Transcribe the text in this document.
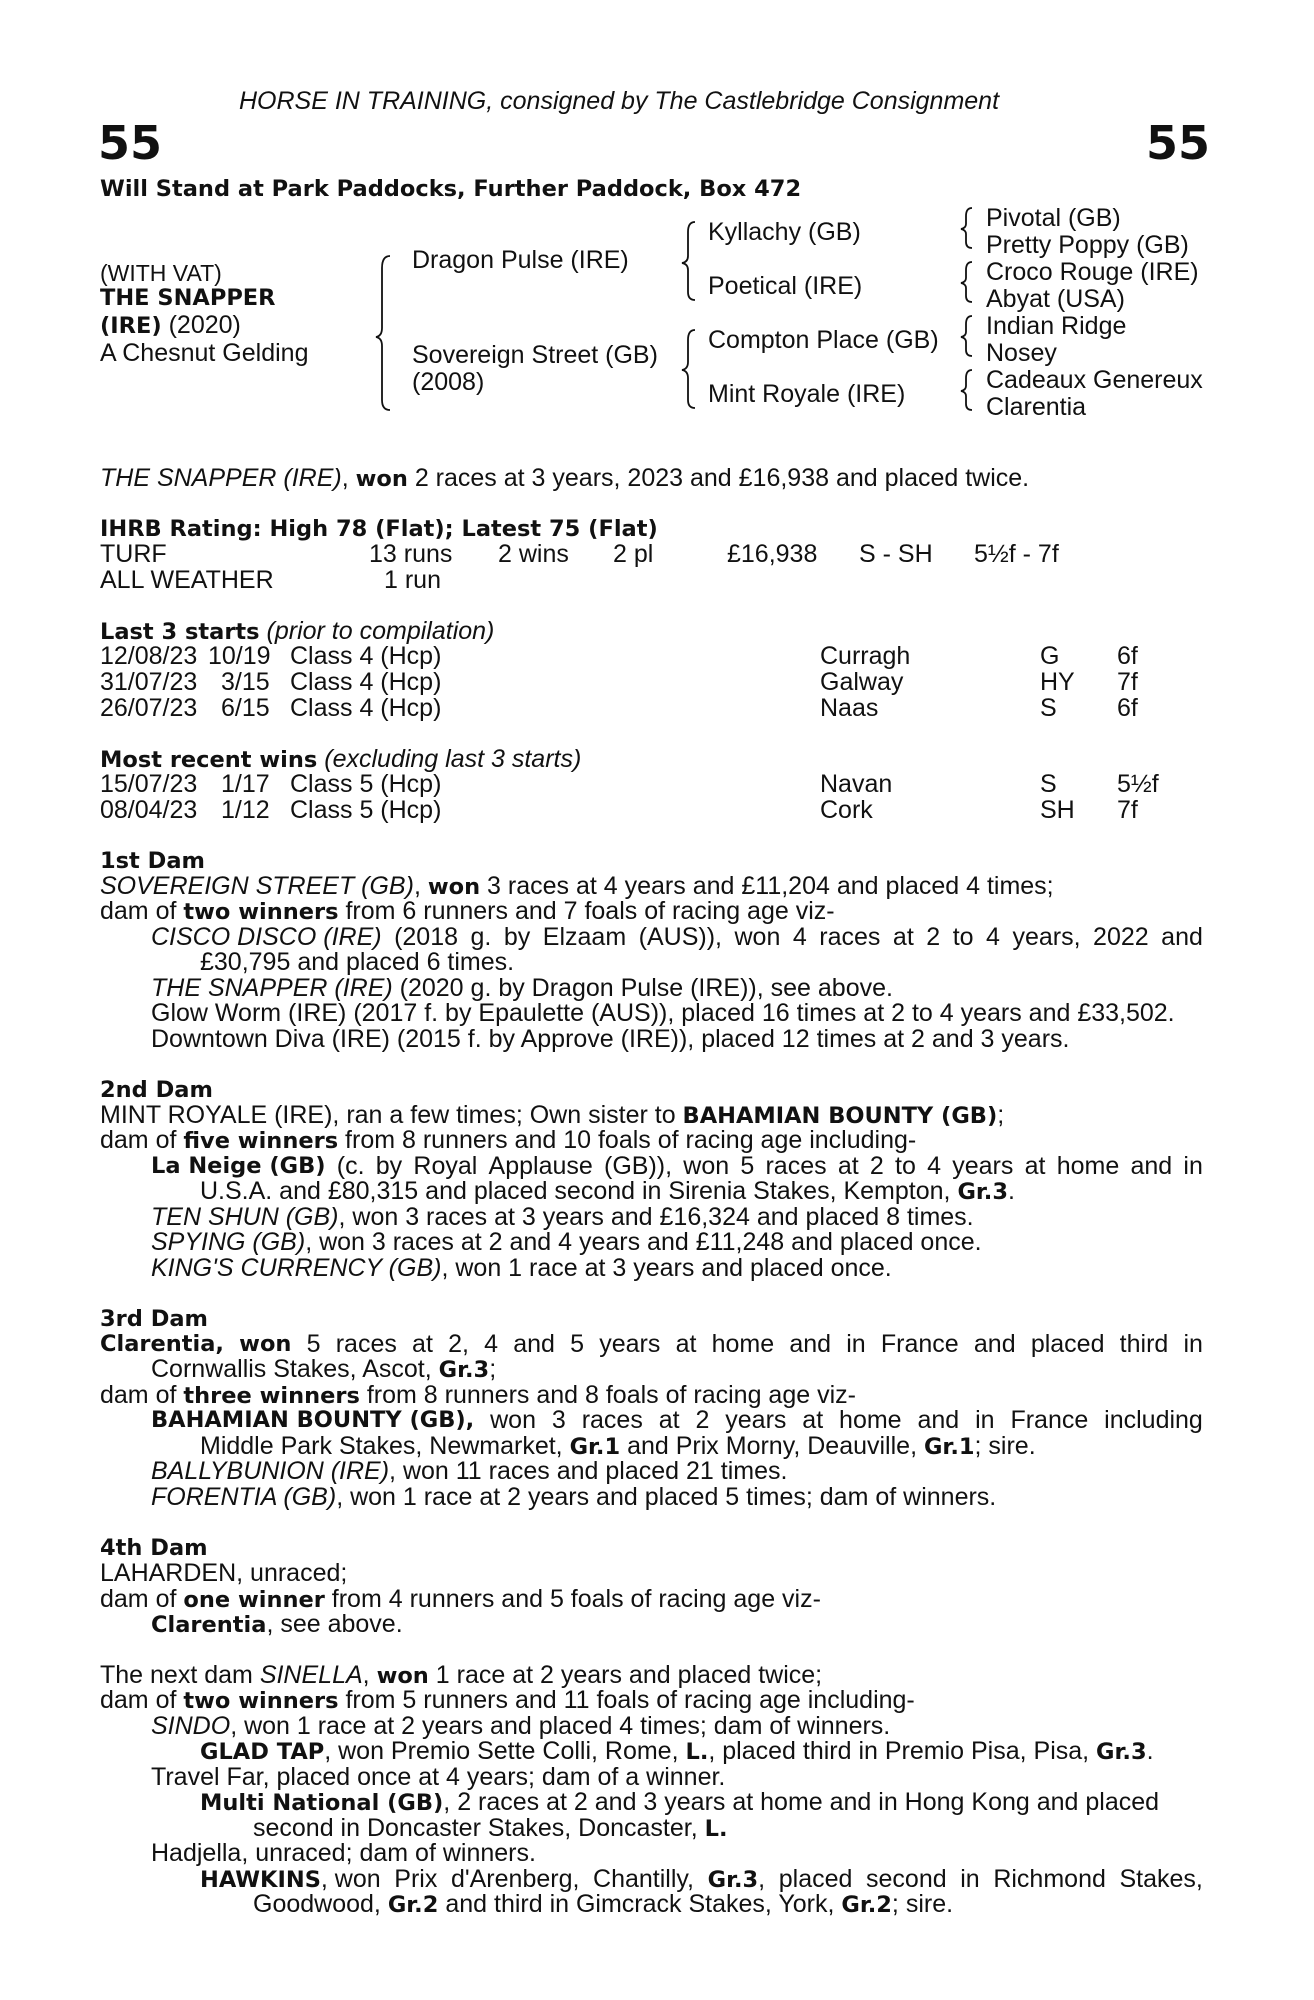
HORSE IN TRAINING, consigned by The Castlebridge Consignment
55	55
Will Stand at Park Paddocks, Further Paddock, Box 472
(WITH VAT)
THE SNAPPER
(IRE) (2020)
A Chesnut Gelding
Dragon Pulse (IRE)
Sovereign Street (GB)
(2008)
Kyllachy (GB)
Poetical (IRE)
Compton Place (GB)
Mint Royale (IRE)
Pivotal (GB)
Pretty Poppy (GB)
Croco Rouge (IRE)
Abyat (USA)
Indian Ridge
Nosey
Cadeaux Genereux
Clarentia
THE SNAPPER (IRE), won 2 races at 3 years, 2023 and £16,938 and placed twice.
IHRB Rating: High 78 (Flat); Latest 75 (Flat)
TURF	13 runs 2 wins 2 pl	£16,938 S - SH 5½f - 7f
ALL WEATHER	1 run
Last 3 starts (prior to compilation)
12/08/23 10/19 Class 4 (Hcp)	Curragh	G 6f
31/07/23 3/15 Class 4 (Hcp)	Galway	HY 7f
26/07/23 6/15 Class 4 (Hcp)	Naas	S 6f
Most recent wins (excluding last 3 starts)
15/07/23 1/17 Class 5 (Hcp)	Navan	S 5½f
08/04/23 1/12 Class 5 (Hcp)	Cork	SH 7f
1st Dam
SOVEREIGN STREET (GB), won 3 races at 4 years and £11,204 and placed 4 times;
dam of two winners from 6 runners and 7 foals of racing age viz-
CISCO DISCO (IRE) (2018 g. by Elzaam (AUS)), won 4 races at 2 to 4 years, 2022 and
£30,795 and placed 6 times.
THE SNAPPER (IRE) (2020 g. by Dragon Pulse (IRE)), see above.
Glow Worm (IRE) (2017 f. by Epaulette (AUS)), placed 16 times at 2 to 4 years and £33,502.
Downtown Diva (IRE) (2015 f. by Approve (IRE)), placed 12 times at 2 and 3 years.
2nd Dam
MINT ROYALE (IRE), ran a few times; Own sister to BAHAMIAN BOUNTY (GB);
dam of five winners from 8 runners and 10 foals of racing age including-
La Neige (GB) (c. by Royal Applause (GB)), won 5 races at 2 to 4 years at home and in
U.S.A. and £80,315 and placed second in Sirenia Stakes, Kempton, Gr.3.
TEN SHUN (GB), won 3 races at 3 years and £16,324 and placed 8 times.
SPYING (GB), won 3 races at 2 and 4 years and £11,248 and placed once.
KING'S CURRENCY (GB), won 1 race at 3 years and placed once.
3rd Dam
Clarentia, won 5 races at 2, 4 and 5 years at home and in France and placed third in
Cornwallis Stakes, Ascot, Gr.3;
dam of three winners from 8 runners and 8 foals of racing age viz-
BAHAMIAN BOUNTY (GB), won 3 races at 2 years at home and in France including
Middle Park Stakes, Newmarket, Gr.1 and Prix Morny, Deauville, Gr.1; sire.
BALLYBUNION (IRE), won 11 races and placed 21 times.
FORENTIA (GB), won 1 race at 2 years and placed 5 times; dam of winners.
4th Dam
LAHARDEN, unraced;
dam of one winner from 4 runners and 5 foals of racing age viz-
Clarentia, see above.
The next dam SINELLA, won 1 race at 2 years and placed twice;
dam of two winners from 5 runners and 11 foals of racing age including-
SINDO, won 1 race at 2 years and placed 4 times; dam of winners.
GLAD TAP, won Premio Sette Colli, Rome, L., placed third in Premio Pisa, Pisa, Gr.3.
Travel Far, placed once at 4 years; dam of a winner.
Multi National (GB), 2 races at 2 and 3 years at home and in Hong Kong and placed
second in Doncaster Stakes, Doncaster, L.
Hadjella, unraced; dam of winners.
HAWKINS, won Prix d'Arenberg, Chantilly, Gr.3, placed second in Richmond Stakes,
Goodwood, Gr.2 and third in Gimcrack Stakes, York, Gr.2; sire.
